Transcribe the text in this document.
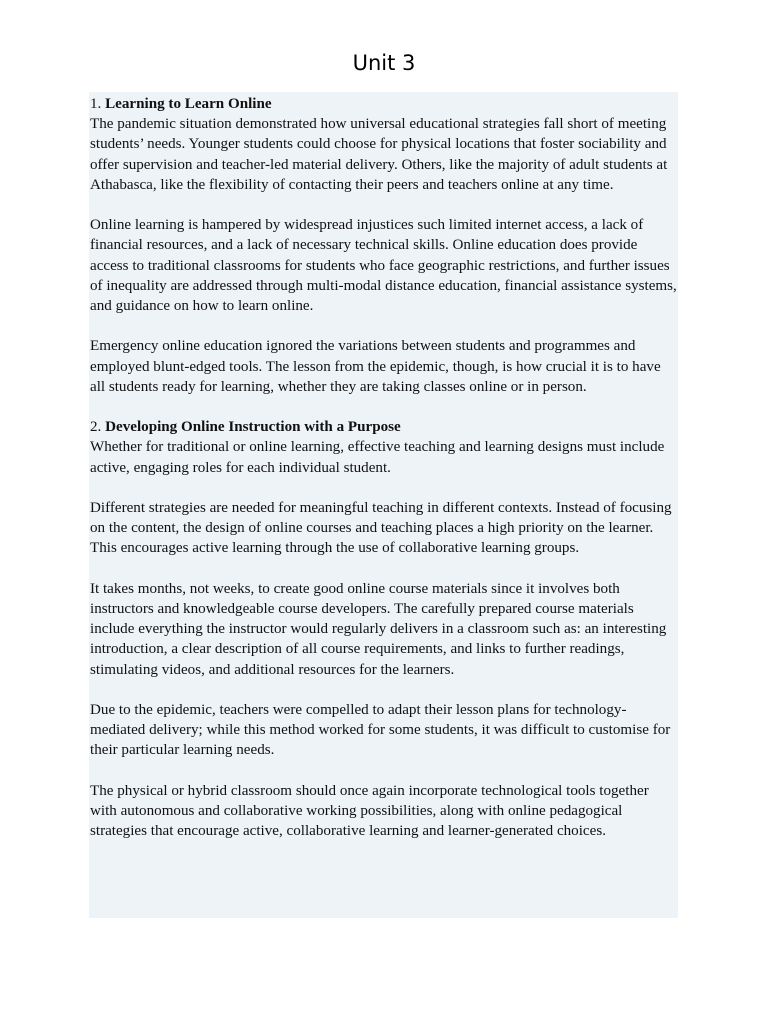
Unit 3

1. Learning to Learn Online

The pandemic situation demonstrated how universal educational strategies fall short of meeting students’ needs. Younger students could choose for physical locations that foster sociability and offer supervision and teacher-led material delivery. Others, like the majority of adult students at Athabasca, like the flexibility of contacting their peers and teachers online at any time.

Online learning is hampered by widespread injustices such limited internet access, a lack of financial resources, and a lack of necessary technical skills. Online education does provide access to traditional classrooms for students who face geographic restrictions, and further issues of inequality are addressed through multi-modal distance education, financial assistance systems, and guidance on how to learn online.

Emergency online education ignored the variations between students and programmes and employed blunt-edged tools. The lesson from the epidemic, though, is how crucial it is to have all students ready for learning, whether they are taking classes online or in person.

2. Developing Online Instruction with a Purpose

Whether for traditional or online learning, effective teaching and learning designs must include active, engaging roles for each individual student.

Different strategies are needed for meaningful teaching in different contexts. Instead of focusing on the content, the design of online courses and teaching places a high priority on the learner. This encourages active learning through the use of collaborative learning groups.

It takes months, not weeks, to create good online course materials since it involves both instructors and knowledgeable course developers. The carefully prepared course materials include everything the instructor would regularly delivers in a classroom such as: an interesting introduction, a clear description of all course requirements, and links to further readings, stimulating videos, and additional resources for the learners.

Due to the epidemic, teachers were compelled to adapt their lesson plans for technology-mediated delivery; while this method worked for some students, it was difficult to customise for their particular learning needs.

The physical or hybrid classroom should once again incorporate technological tools together with autonomous and collaborative working possibilities, along with online pedagogical strategies that encourage active, collaborative learning and learner-generated choices.
